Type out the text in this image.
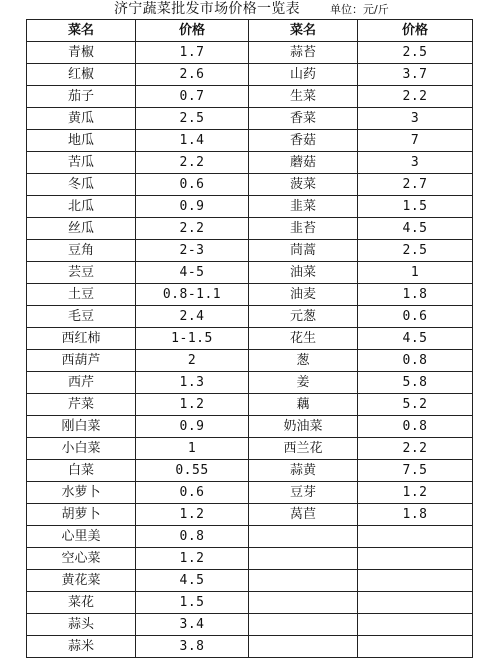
济宁蔬菜批发市场价格一览表	单位：元/斤
菜名	价格	菜名	价格
青椒	1.7	蒜苔	2.5
红椒	2.6	山药	3.7
茄子	0.7	生菜	2.2
黄瓜	2.5	香菜	3
地瓜	1.4	香菇	7
苦瓜	2.2	蘑菇	3
冬瓜	0.6	菠菜	2.7
北瓜	0.9	韭菜	1.5
丝瓜	2.2	韭苔	4.5
豆角	2-3	茼蒿	2.5
芸豆	4-5	油菜	1
土豆	0.8-1.1	油麦	1.8
毛豆	2.4	元葱	0.6
西红柿	1-1.5	花生	4.5
西葫芦	2	葱	0.8
西芹	1.3	姜	5.8
芹菜	1.2	藕	5.2
刚白菜	0.9	奶油菜	0.8
小白菜	1	西兰花	2.2
白菜	0.55	蒜黄	7.5
水萝卜	0.6	豆芽	1.2
胡萝卜	1.2	莴苣	1.8
心里美	0.8		
空心菜	1.2		
黄花菜	4.5		
菜花	1.5		
蒜头	3.4		
蒜米	3.8		
